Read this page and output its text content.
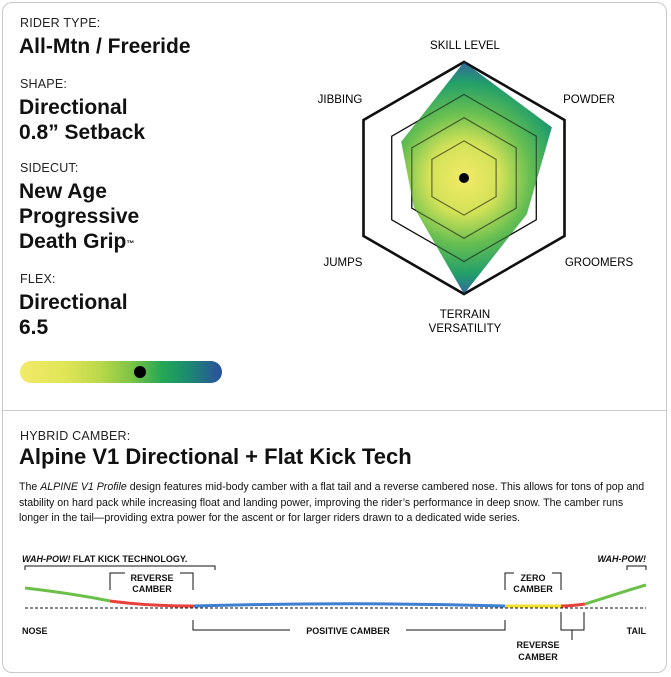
RIDER TYPE:
All-Mtn / Freeride
SHAPE:
Directional
0.8” Setback
SIDECUT:
New Age
Progressive
Death Grip™
FLEX:
Directional
6.5
SKILL LEVEL
POWDER
GROOMERS
TERRAIN
VERSATILITY
JUMPS
JIBBING
HYBRID CAMBER:
Alpine V1 Directional + Flat Kick Tech
The ALPINE V1 Profile design features mid-body camber with a flat tail and a reverse cambered nose. This allows for tons of pop and stability on hard pack while increasing float and landing power, improving the rider’s performance in deep snow. The camber runs longer in the tail—providing extra power for the ascent or for larger riders drawn to a dedicated wide series.
WAH-POW! FLAT KICK TECHNOLOGY.	WAH-POW!
REVERSE
CAMBER
ZERO
CAMBER
NOSE	TAIL
POSITIVE CAMBER
REVERSE
CAMBER
